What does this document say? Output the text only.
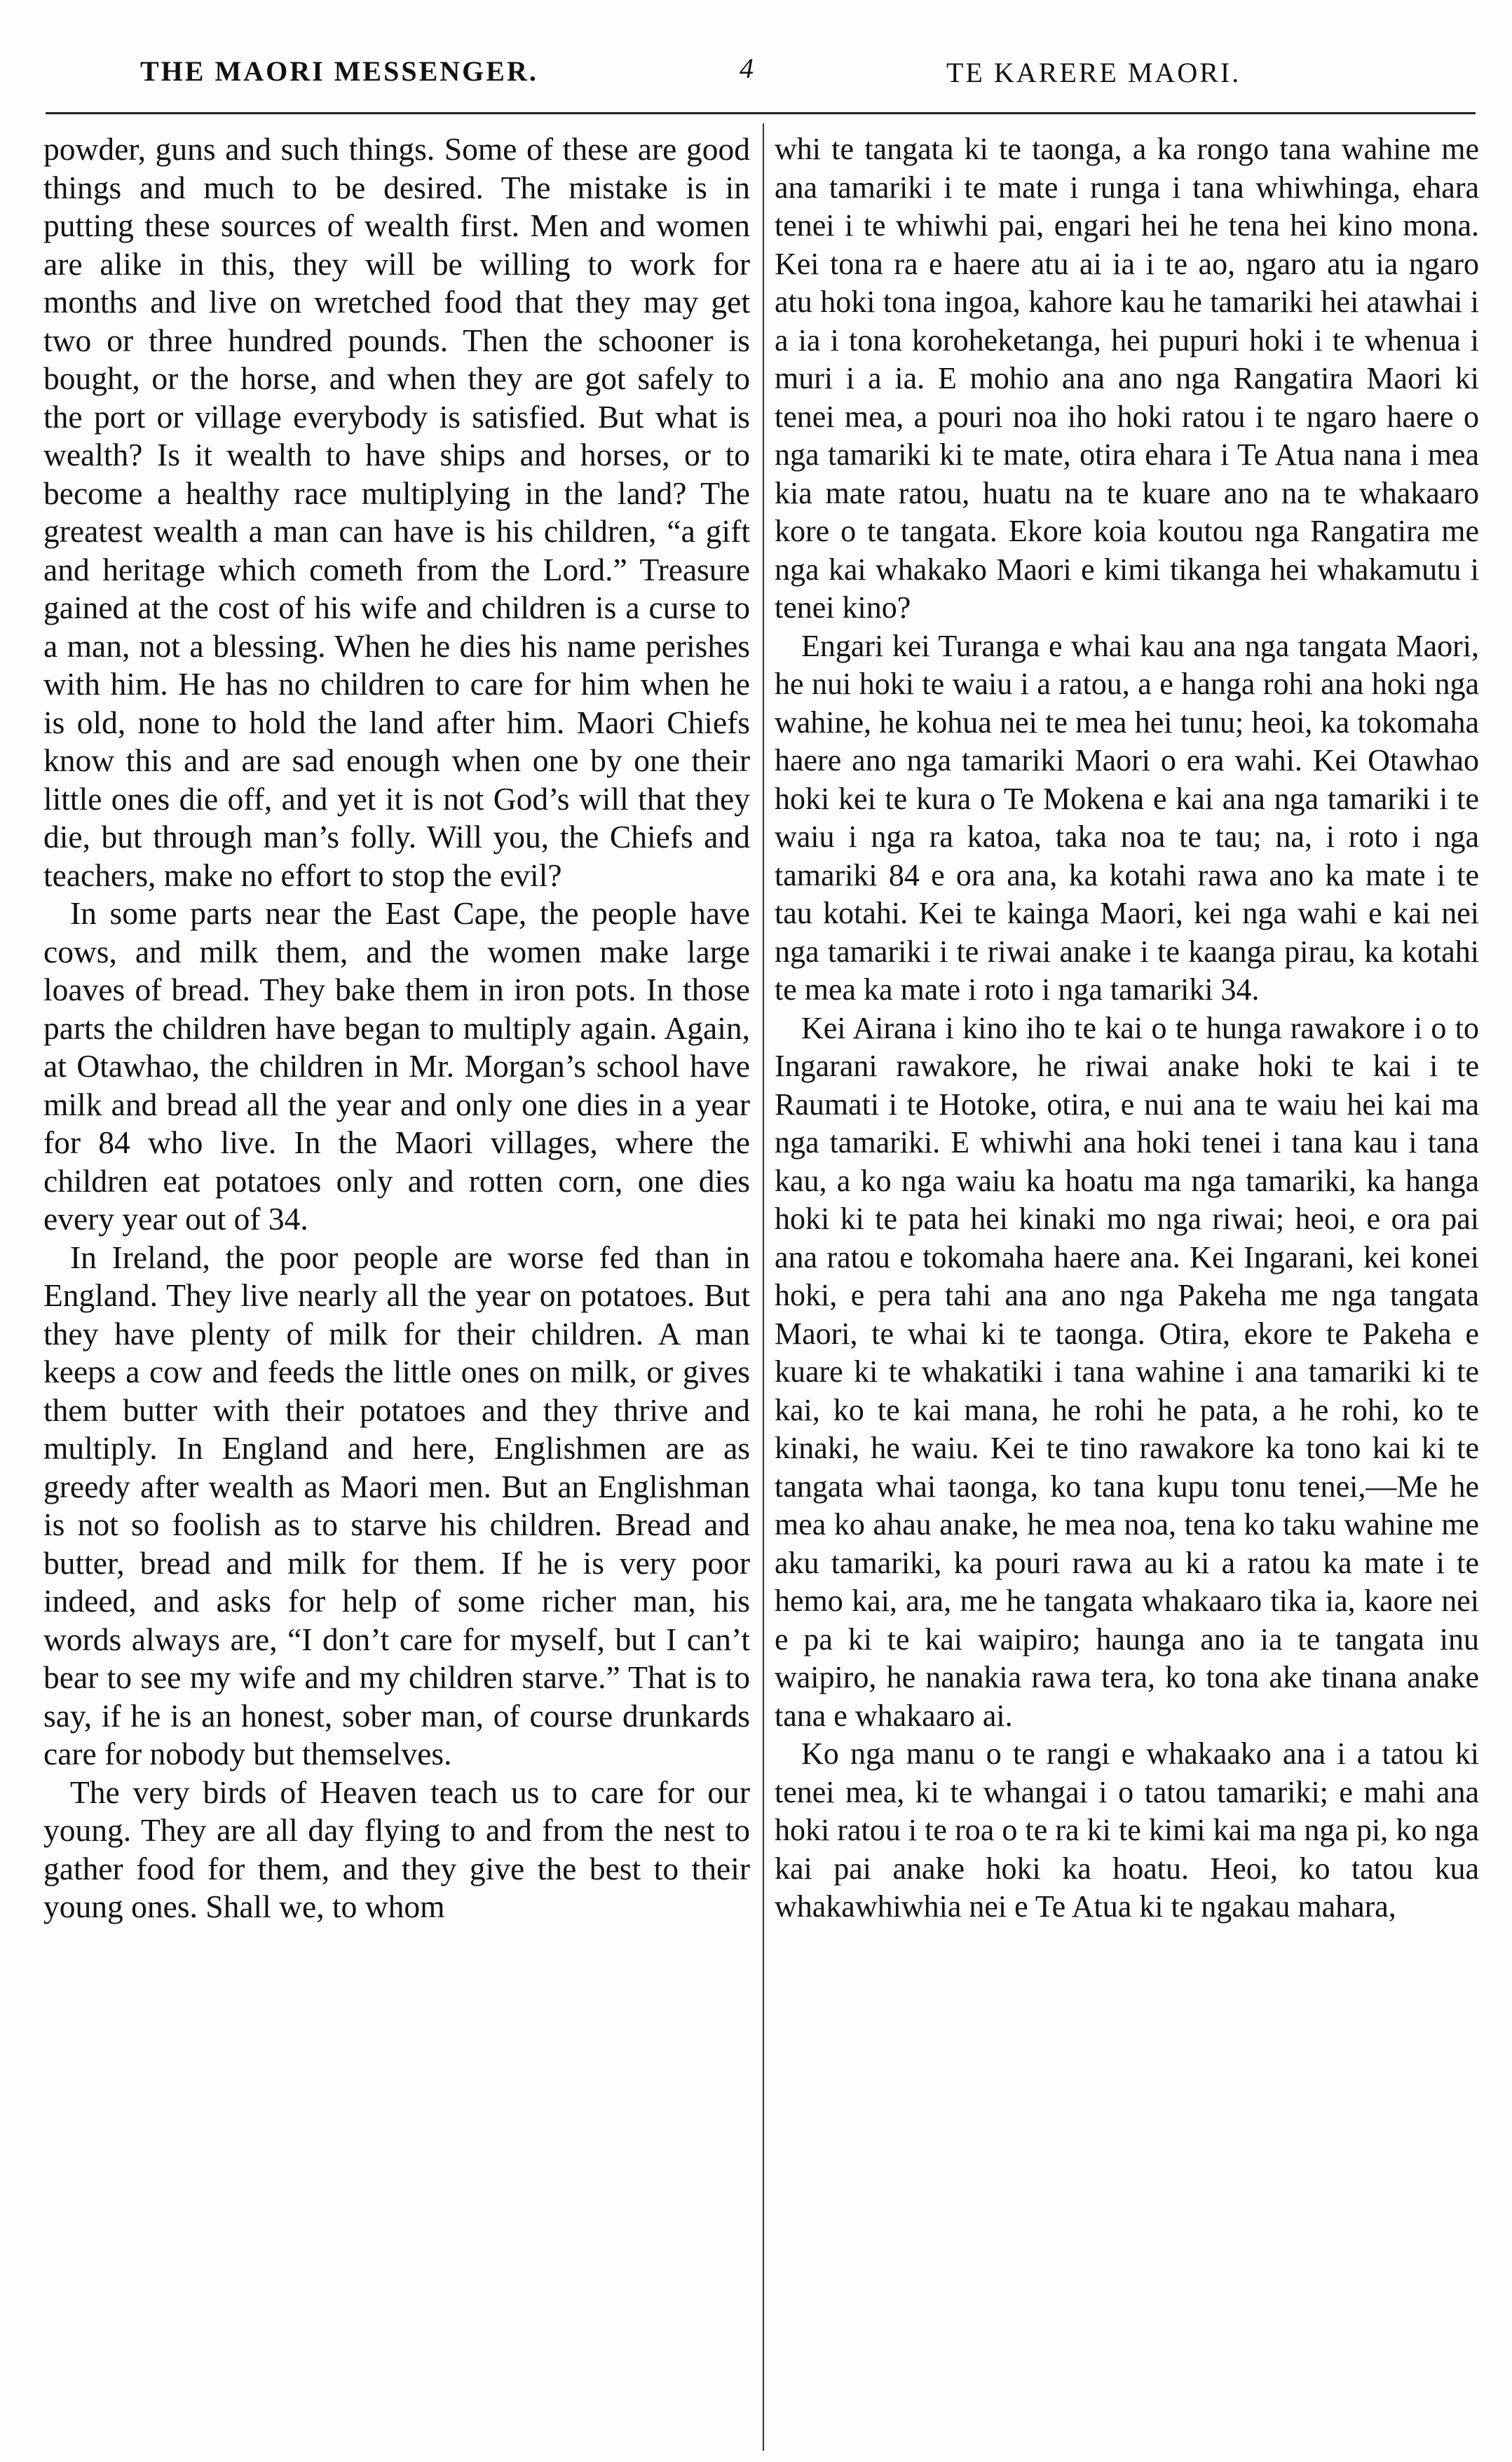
THE MAORI MESSENGER.	4	TE KARERE MAORI.

powder, guns and such things. Some of these are good things and much to be desired. The mistake is in putting these sources of wealth first. Men and women are alike in this, they will be willing to work for months and live on wretched food that they may get two or three hundred pounds. Then the schooner is bought, or the horse, and when they are got safely to the port or village everybody is satisfied. But what is wealth? Is it wealth to have ships and horses, or to become a healthy race multiplying in the land? The greatest wealth a man can have is his children, “a gift and heritage which cometh from the Lord.” Treasure gained at the cost of his wife and children is a curse to a man, not a blessing. When he dies his name perishes with him. He has no children to care for him when he is old, none to hold the land after him. Maori Chiefs know this and are sad enough when one by one their little ones die off, and yet it is not God’s will that they die, but through man’s folly. Will you, the Chiefs and teachers, make no effort to stop the evil?

In some parts near the East Cape, the people have cows, and milk them, and the women make large loaves of bread. They bake them in iron pots. In those parts the children have began to multiply again. Again, at Otawhao, the children in Mr. Morgan’s school have milk and bread all the year and only one dies in a year for 84 who live. In the Maori villages, where the children eat potatoes only and rotten corn, one dies every year out of 34.

In Ireland, the poor people are worse fed than in England. They live nearly all the year on potatoes. But they have plenty of milk for their children. A man keeps a cow and feeds the little ones on milk, or gives them butter with their potatoes and they thrive and multiply. In England and here, Englishmen are as greedy after wealth as Maori men. But an Englishman is not so foolish as to starve his children. Bread and butter, bread and milk for them. If he is very poor indeed, and asks for help of some richer man, his words always are, “I don’t care for myself, but I can’t bear to see my wife and my children starve.” That is to say, if he is an honest, sober man, of course drunkards care for nobody but themselves.

The very birds of Heaven teach us to care for our young. They are all day flying to and from the nest to gather food for them, and they give the best to their young ones. Shall we, to whom

whi te tangata ki te taonga, a ka rongo tana wahine me ana tamariki i te mate i runga i tana whiwhinga, ehara tenei i te whiwhi pai, engari hei he tena hei kino mona. Kei tona ra e haere atu ai ia i te ao, ngaro atu ia ngaro atu hoki tona ingoa, kahore kau he tamariki hei atawhai i a ia i tona koroheketanga, hei pupuri hoki i te whenua i muri i a ia. E mohio ana ano nga Rangatira Maori ki tenei mea, a pouri noa iho hoki ratou i te ngaro haere o nga tamariki ki te mate, otira ehara i Te Atua nana i mea kia mate ratou, huatu na te kuare ano na te whakaaro kore o te tangata. Ekore koia koutou nga Rangatira me nga kai whakako Maori e kimi tikanga hei whakamutu i tenei kino?

Engari kei Turanga e whai kau ana nga tangata Maori, he nui hoki te waiu i a ratou, a e hanga rohi ana hoki nga wahine, he kohua nei te mea hei tunu; heoi, ka tokomaha haere ano nga tamariki Maori o era wahi. Kei Otawhao hoki kei te kura o Te Mokena e kai ana nga tamariki i te waiu i nga ra katoa, taka noa te tau; na, i roto i nga tamariki 84 e ora ana, ka kotahi rawa ano ka mate i te tau kotahi. Kei te kainga Maori, kei nga wahi e kai nei nga tamariki i te riwai anake i te kaanga pirau, ka kotahi te mea ka mate i roto i nga tamariki 34.

Kei Airana i kino iho te kai o te hunga rawakore i o to Ingarani rawakore, he riwai anake hoki te kai i te Raumati i te Hotoke, otira, e nui ana te waiu hei kai ma nga tamariki. E whiwhi ana hoki tenei i tana kau i tana kau, a ko nga waiu ka hoatu ma nga tamariki, ka hanga hoki ki te pata hei kinaki mo nga riwai; heoi, e ora pai ana ratou e tokomaha haere ana. Kei Ingarani, kei konei hoki, e pera tahi ana ano nga Pakeha me nga tangata Maori, te whai ki te taonga. Otira, ekore te Pakeha e kuare ki te whakatiki i tana wahine i ana tamariki ki te kai, ko te kai mana, he rohi he pata, a he rohi, ko te kinaki, he waiu. Kei te tino rawakore ka tono kai ki te tangata whai taonga, ko tana kupu tonu tenei,—Me he mea ko ahau anake, he mea noa, tena ko taku wahine me aku tamariki, ka pouri rawa au ki a ratou ka mate i te hemo kai, ara, me he tangata whakaaro tika ia, kaore nei e pa ki te kai waipiro; haunga ano ia te tangata inu waipiro, he nanakia rawa tera, ko tona ake tinana anake tana e whakaaro ai.

Ko nga manu o te rangi e whakaako ana i a tatou ki tenei mea, ki te whangai i o tatou tamariki; e mahi ana hoki ratou i te roa o te ra ki te kimi kai ma nga pi, ko nga kai pai anake hoki ka hoatu. Heoi, ko tatou kua whakawhiwhia nei e Te Atua ki te ngakau mahara,
